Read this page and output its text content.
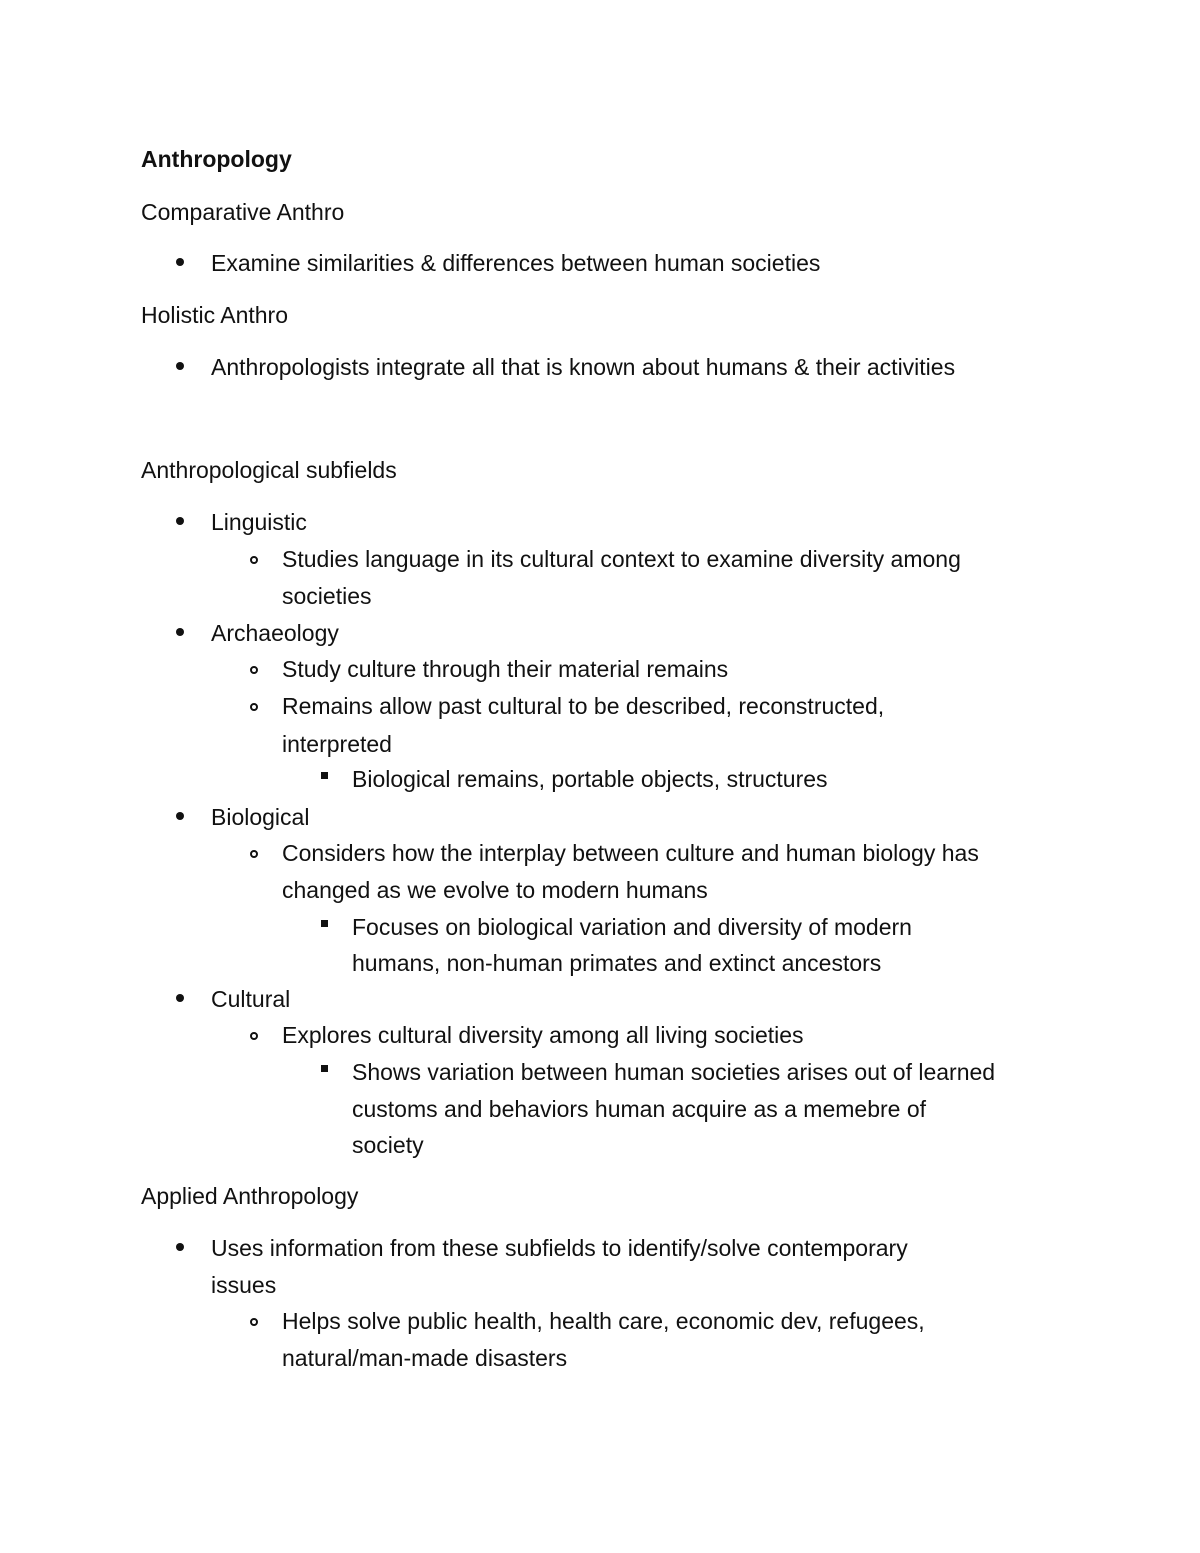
Anthropology
Comparative Anthro
Examine similarities & differences between human societies
Holistic Anthro
Anthropologists integrate all that is known about humans & their activities
Anthropological subfields
Linguistic
Studies language in its cultural context to examine diversity among
societies
Archaeology
Study culture through their material remains
Remains allow past cultural to be described, reconstructed,
interpreted
Biological remains, portable objects, structures
Biological
Considers how the interplay between culture and human biology has
changed as we evolve to modern humans
Focuses on biological variation and diversity of modern
humans, non-human primates and extinct ancestors
Cultural
Explores cultural diversity among all living societies
Shows variation between human societies arises out of learned
customs and behaviors human acquire as a memebre of
society
Applied Anthropology
Uses information from these subfields to identify/solve contemporary
issues
Helps solve public health, health care, economic dev, refugees,
natural/man-made disasters
